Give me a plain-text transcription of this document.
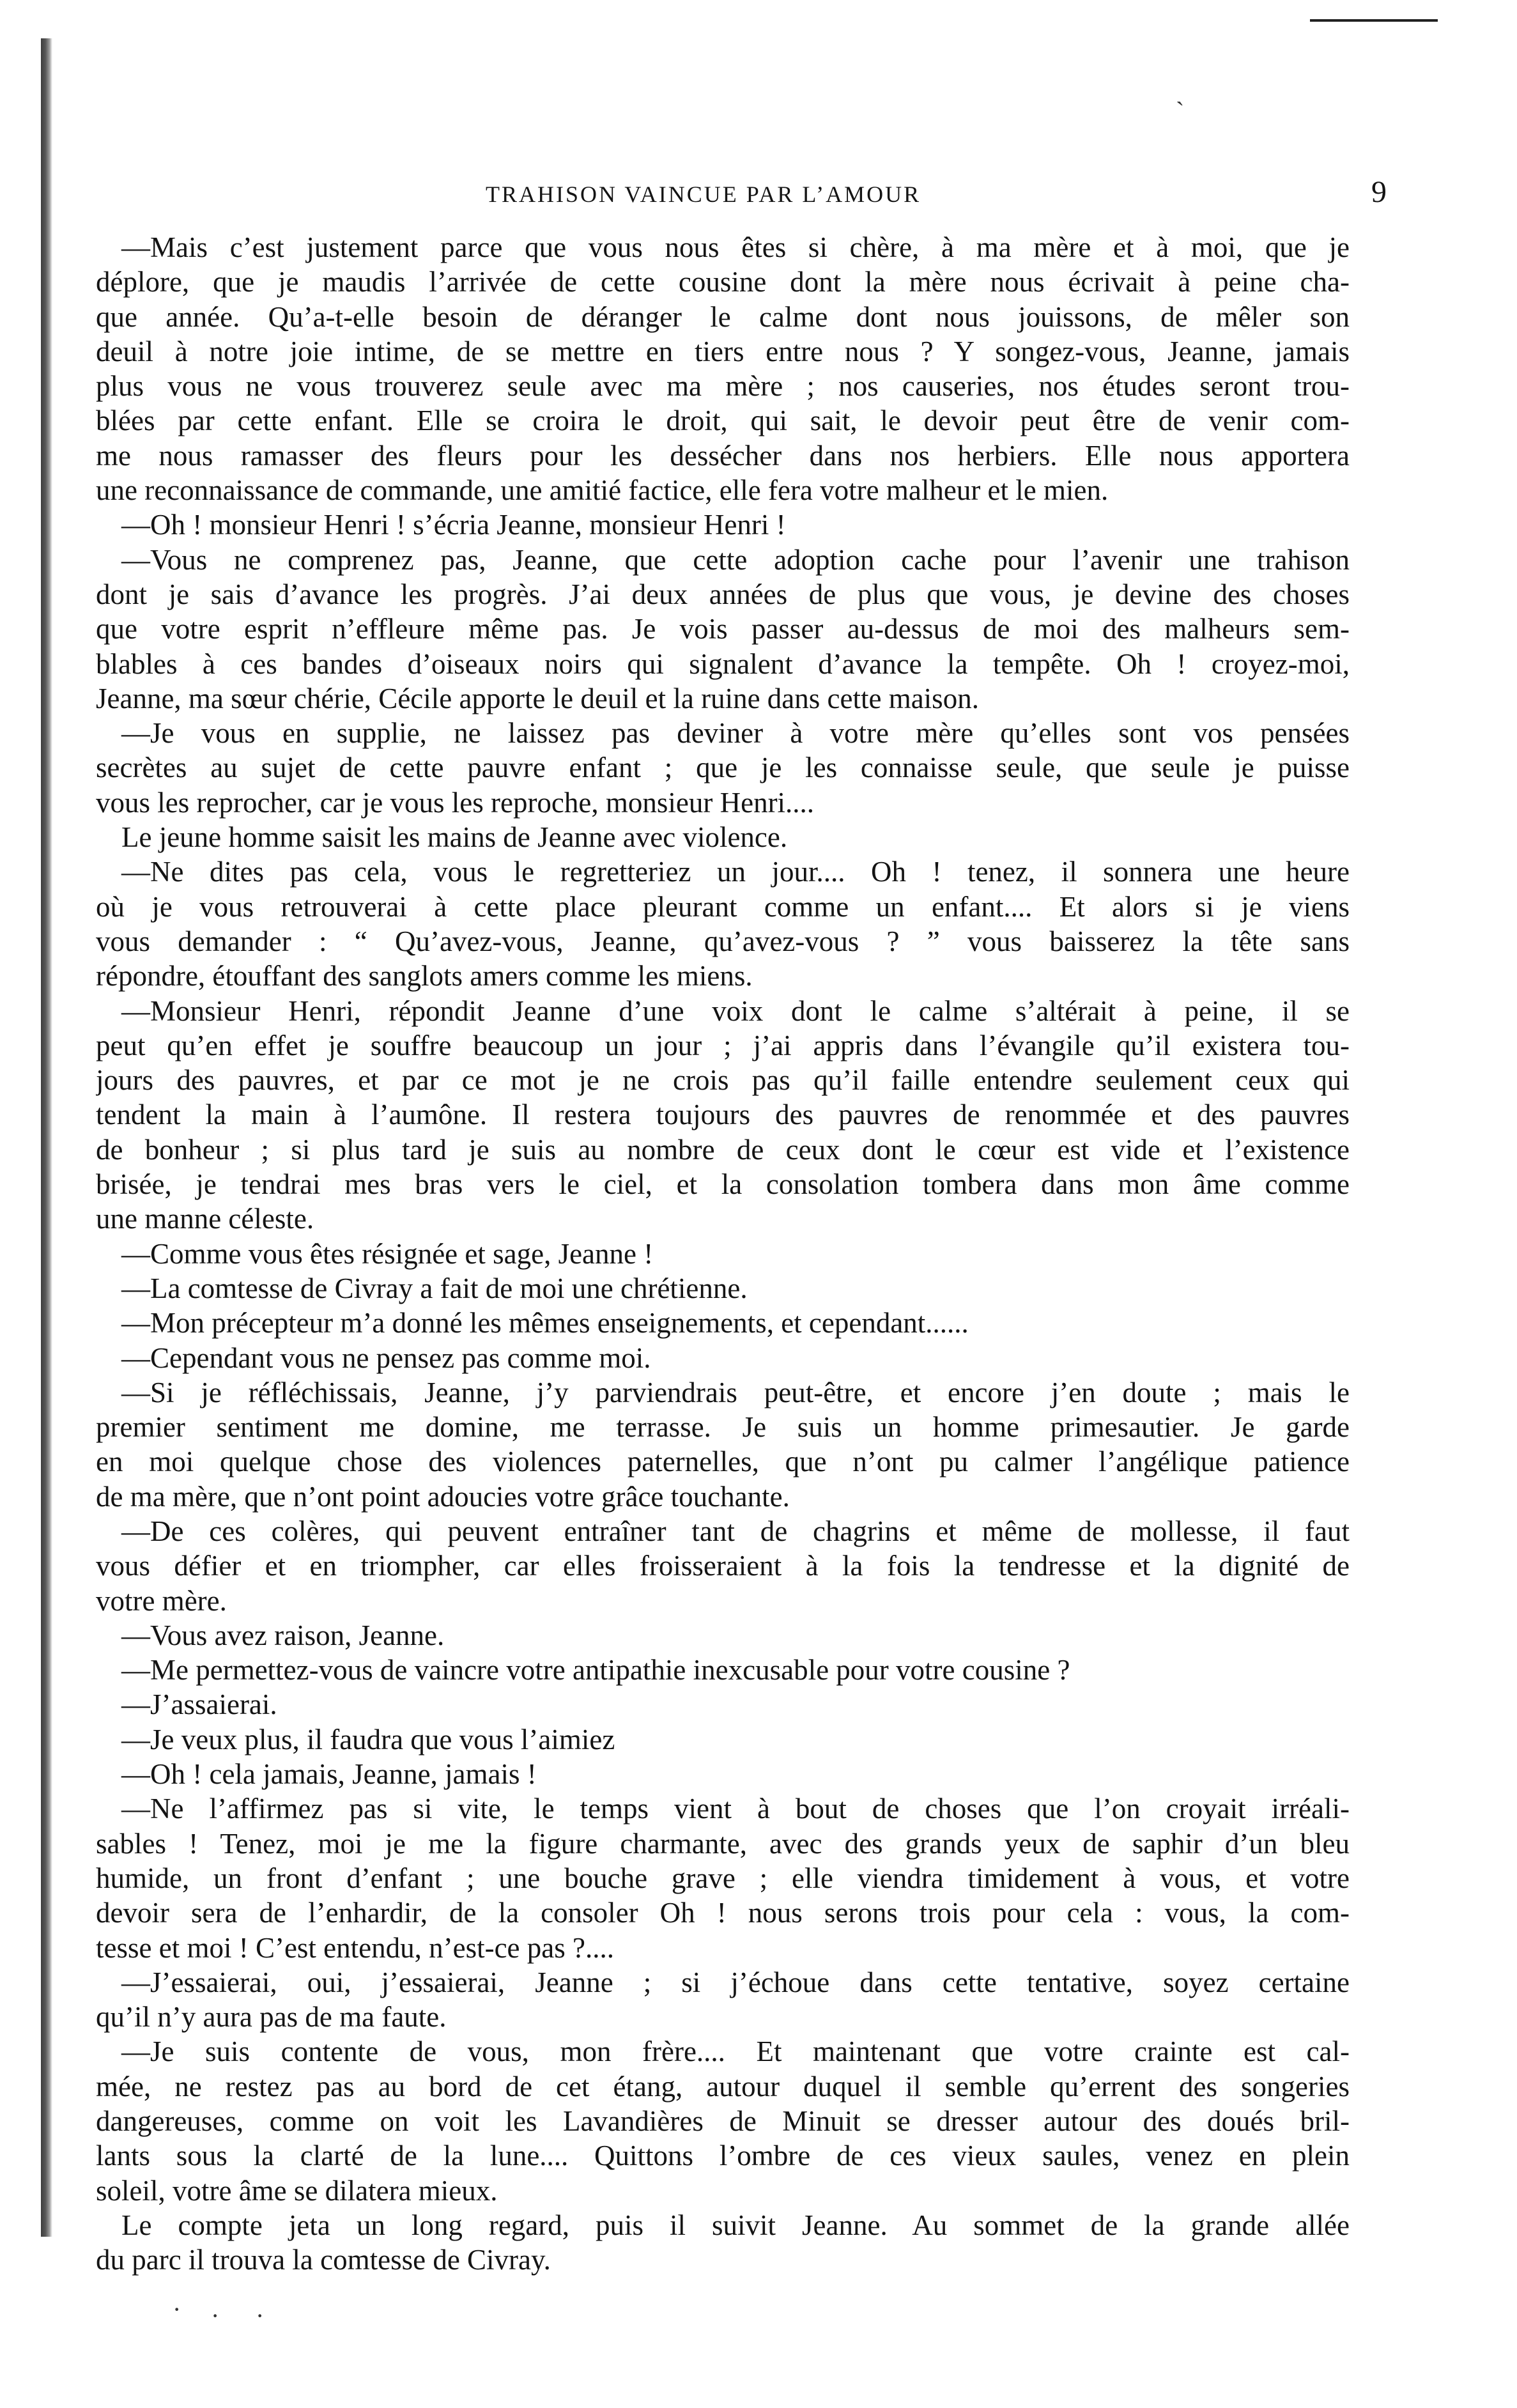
TRAHISON VAINCUE PAR L’AMOUR	9
—Mais c’est justement parce que vous nous êtes si chère, à ma mère et à moi, que je
déplore, que je maudis l’arrivée de cette cousine dont la mère nous écrivait à peine cha-
que année. Qu’a-t-elle besoin de déranger le calme dont nous jouissons, de mêler son
deuil à notre joie intime, de se mettre en tiers entre nous ? Y songez-vous, Jeanne, jamais
plus vous ne vous trouverez seule avec ma mère ; nos causeries, nos études seront trou-
blées par cette enfant. Elle se croira le droit, qui sait, le devoir peut être de venir com-
me nous ramasser des fleurs pour les dessécher dans nos herbiers. Elle nous apportera
une reconnaissance de commande, une amitié factice, elle fera votre malheur et le mien.
—Oh ! monsieur Henri ! s’écria Jeanne, monsieur Henri !
—Vous ne comprenez pas, Jeanne, que cette adoption cache pour l’avenir une trahison
dont je sais d’avance les progrès. J’ai deux années de plus que vous, je devine des choses
que votre esprit n’effleure même pas. Je vois passer au-dessus de moi des malheurs sem-
blables à ces bandes d’oiseaux noirs qui signalent d’avance la tempête. Oh ! croyez-moi,
Jeanne, ma sœur chérie, Cécile apporte le deuil et la ruine dans cette maison.
—Je vous en supplie, ne laissez pas deviner à votre mère qu’elles sont vos pensées
secrètes au sujet de cette pauvre enfant ; que je les connaisse seule, que seule je puisse
vous les reprocher, car je vous les reproche, monsieur Henri....
Le jeune homme saisit les mains de Jeanne avec violence.
—Ne dites pas cela, vous le regretteriez un jour.... Oh ! tenez, il sonnera une heure
où je vous retrouverai à cette place pleurant comme un enfant.... Et alors si je viens
vous demander : “ Qu’avez-vous, Jeanne, qu’avez-vous ? ” vous baisserez la tête sans
répondre, étouffant des sanglots amers comme les miens.
—Monsieur Henri, répondit Jeanne d’une voix dont le calme s’altérait à peine, il se
peut qu’en effet je souffre beaucoup un jour ; j’ai appris dans l’évangile qu’il existera tou-
jours des pauvres, et par ce mot je ne crois pas qu’il faille entendre seulement ceux qui
tendent la main à l’aumône. Il restera toujours des pauvres de renommée et des pauvres
de bonheur ; si plus tard je suis au nombre de ceux dont le cœur est vide et l’existence
brisée, je tendrai mes bras vers le ciel, et la consolation tombera dans mon âme comme
une manne céleste.
—Comme vous êtes résignée et sage, Jeanne !
—La comtesse de Civray a fait de moi une chrétienne.
—Mon précepteur m’a donné les mêmes enseignements, et cependant......
—Cependant vous ne pensez pas comme moi.
—Si je réfléchissais, Jeanne, j’y parviendrais peut-être, et encore j’en doute ; mais le
premier sentiment me domine, me terrasse. Je suis un homme primesautier. Je garde
en moi quelque chose des violences paternelles, que n’ont pu calmer l’angélique patience
de ma mère, que n’ont point adoucies votre grâce touchante.
—De ces colères, qui peuvent entraîner tant de chagrins et même de mollesse, il faut
vous défier et en triompher, car elles froisseraient à la fois la tendresse et la dignité de
votre mère.
—Vous avez raison, Jeanne.
—Me permettez-vous de vaincre votre antipathie inexcusable pour votre cousine ?
—J’assaierai.
—Je veux plus, il faudra que vous l’aimiez
—Oh ! cela jamais, Jeanne, jamais !
—Ne l’affirmez pas si vite, le temps vient à bout de choses que l’on croyait irréali-
sables ! Tenez, moi je me la figure charmante, avec des grands yeux de saphir d’un bleu
humide, un front d’enfant ; une bouche grave ; elle viendra timidement à vous, et votre
devoir sera de l’enhardir, de la consoler Oh ! nous serons trois pour cela : vous, la com-
tesse et moi ! C’est entendu, n’est-ce pas ?....
—J’essaierai, oui, j’essaierai, Jeanne ; si j’échoue dans cette tentative, soyez certaine
qu’il n’y aura pas de ma faute.
—Je suis contente de vous, mon frère.... Et maintenant que votre crainte est cal-
mée, ne restez pas au bord de cet étang, autour duquel il semble qu’errent des songeries
dangereuses, comme on voit les Lavandières de Minuit se dresser autour des doués bril-
lants sous la clarté de la lune.... Quittons l’ombre de ces vieux saules, venez en plein
soleil, votre âme se dilatera mieux.
Le compte jeta un long regard, puis il suivit Jeanne. Au sommet de la grande allée
du parc il trouva la comtesse de Civray.
ˋ
· · ·
